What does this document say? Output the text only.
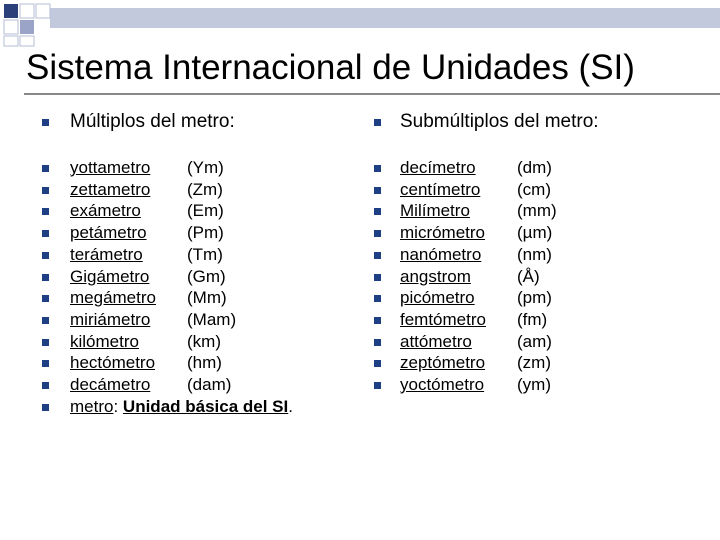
Sistema Internacional de Unidades (SI)
Múltiplos del metro:
yottametro (Ym)
zettametro (Zm)
exámetro	(Em)
petámetro (Pm)
terámetro	(Tm)
Gigámetro (Gm)
megámetro (Mm)
miriámetro (Mam)
kilómetro	(km)
hectómetro (hm)
decámetro (dam)
metro: Unidad básica del SI.
Submúltiplos del metro:
decímetro (dm)
centímetro (cm)
Milímetro	(mm)
micrómetro (µm)
nanómetro (nm)
angstrom	(Å)
picómetro (pm)
femtómetro (fm)
attómetro	(am)
zeptómetro (zm)
yoctómetro (ym)
